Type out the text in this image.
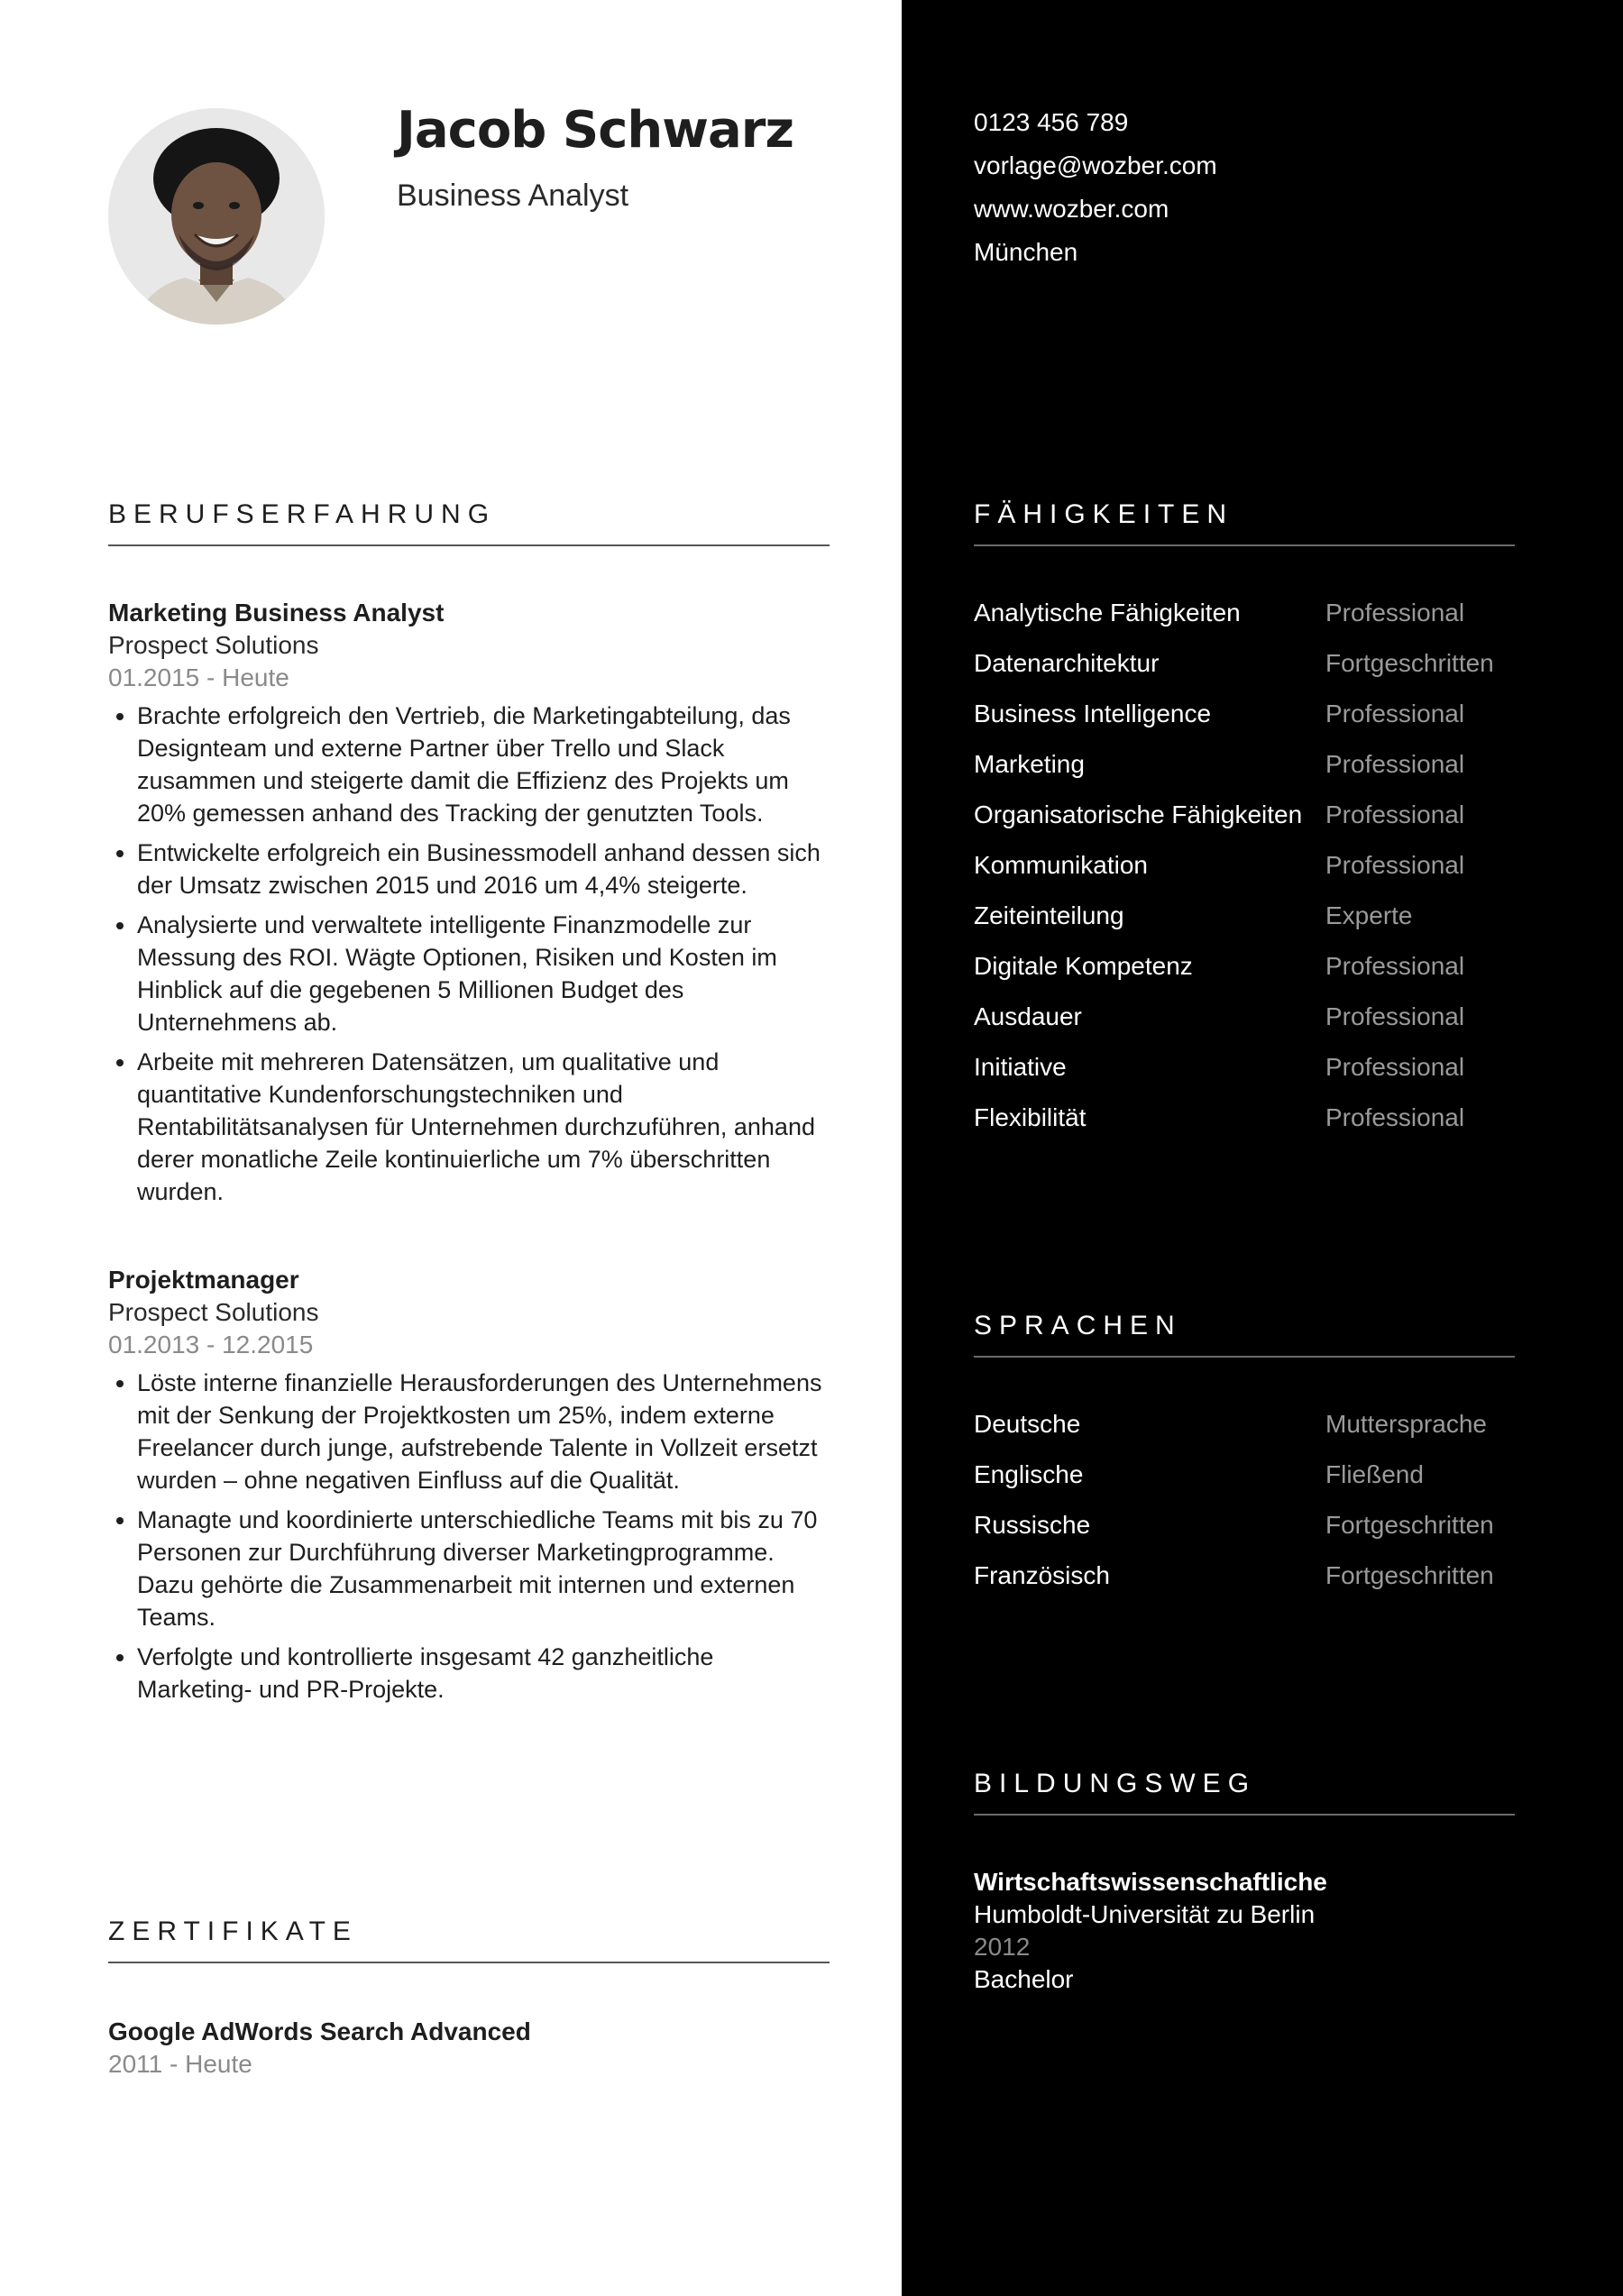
Jacob Schwarz
Business Analyst
0123 456 789
vorlage@wozber.com
www.wozber.com
München
BERUFSERFAHRUNG
Marketing Business Analyst
Prospect Solutions
01.2015 - Heute
• Brachte erfolgreich den Vertrieb, die Marketingabteilung, das Designteam und externe Partner über Trello und Slack zusammen und steigerte damit die Effizienz des Projekts um 20% gemessen anhand des Tracking der genutzten Tools.
• Entwickelte erfolgreich ein Businessmodell anhand dessen sich der Umsatz zwischen 2015 und 2016 um 4,4% steigerte.
• Analysierte und verwaltete intelligente Finanzmodelle zur Messung des ROI. Wägte Optionen, Risiken und Kosten im Hinblick auf die gegebenen 5 Millionen Budget des Unternehmens ab.
• Arbeite mit mehreren Datensätzen, um qualitative und quantitative Kundenforschungstechniken und Rentabilitätsanalysen für Unternehmen durchzuführen, anhand derer monatliche Zeile kontinuierliche um 7% überschritten wurden.
Projektmanager
Prospect Solutions
01.2013 - 12.2015
• Löste interne finanzielle Herausforderungen des Unternehmens mit der Senkung der Projektkosten um 25%, indem externe Freelancer durch junge, aufstrebende Talente in Vollzeit ersetzt wurden – ohne negativen Einfluss auf die Qualität.
• Managte und koordinierte unterschiedliche Teams mit bis zu 70 Personen zur Durchführung diverser Marketingprogramme. Dazu gehörte die Zusammenarbeit mit internen und externen Teams.
• Verfolgte und kontrollierte insgesamt 42 ganzheitliche Marketing- und PR-Projekte.
ZERTIFIKATE
Google AdWords Search Advanced
2011 - Heute
FÄHIGKEITEN
Analytische Fähigkeiten	Professional
Datenarchitektur	Fortgeschritten
Business Intelligence	Professional
Marketing	Professional
Organisatorische Fähigkeiten Professional
Kommunikation	Professional
Zeiteinteilung	Experte
Digitale Kompetenz	Professional
Ausdauer	Professional
Initiative	Professional
Flexibilität	Professional
SPRACHEN
Deutsche	Muttersprache
Englische	Fließend
Russische	Fortgeschritten
Französisch	Fortgeschritten
BILDUNGSWEG
Wirtschaftswissenschaftliche
Humboldt-Universität zu Berlin
2012
Bachelor
